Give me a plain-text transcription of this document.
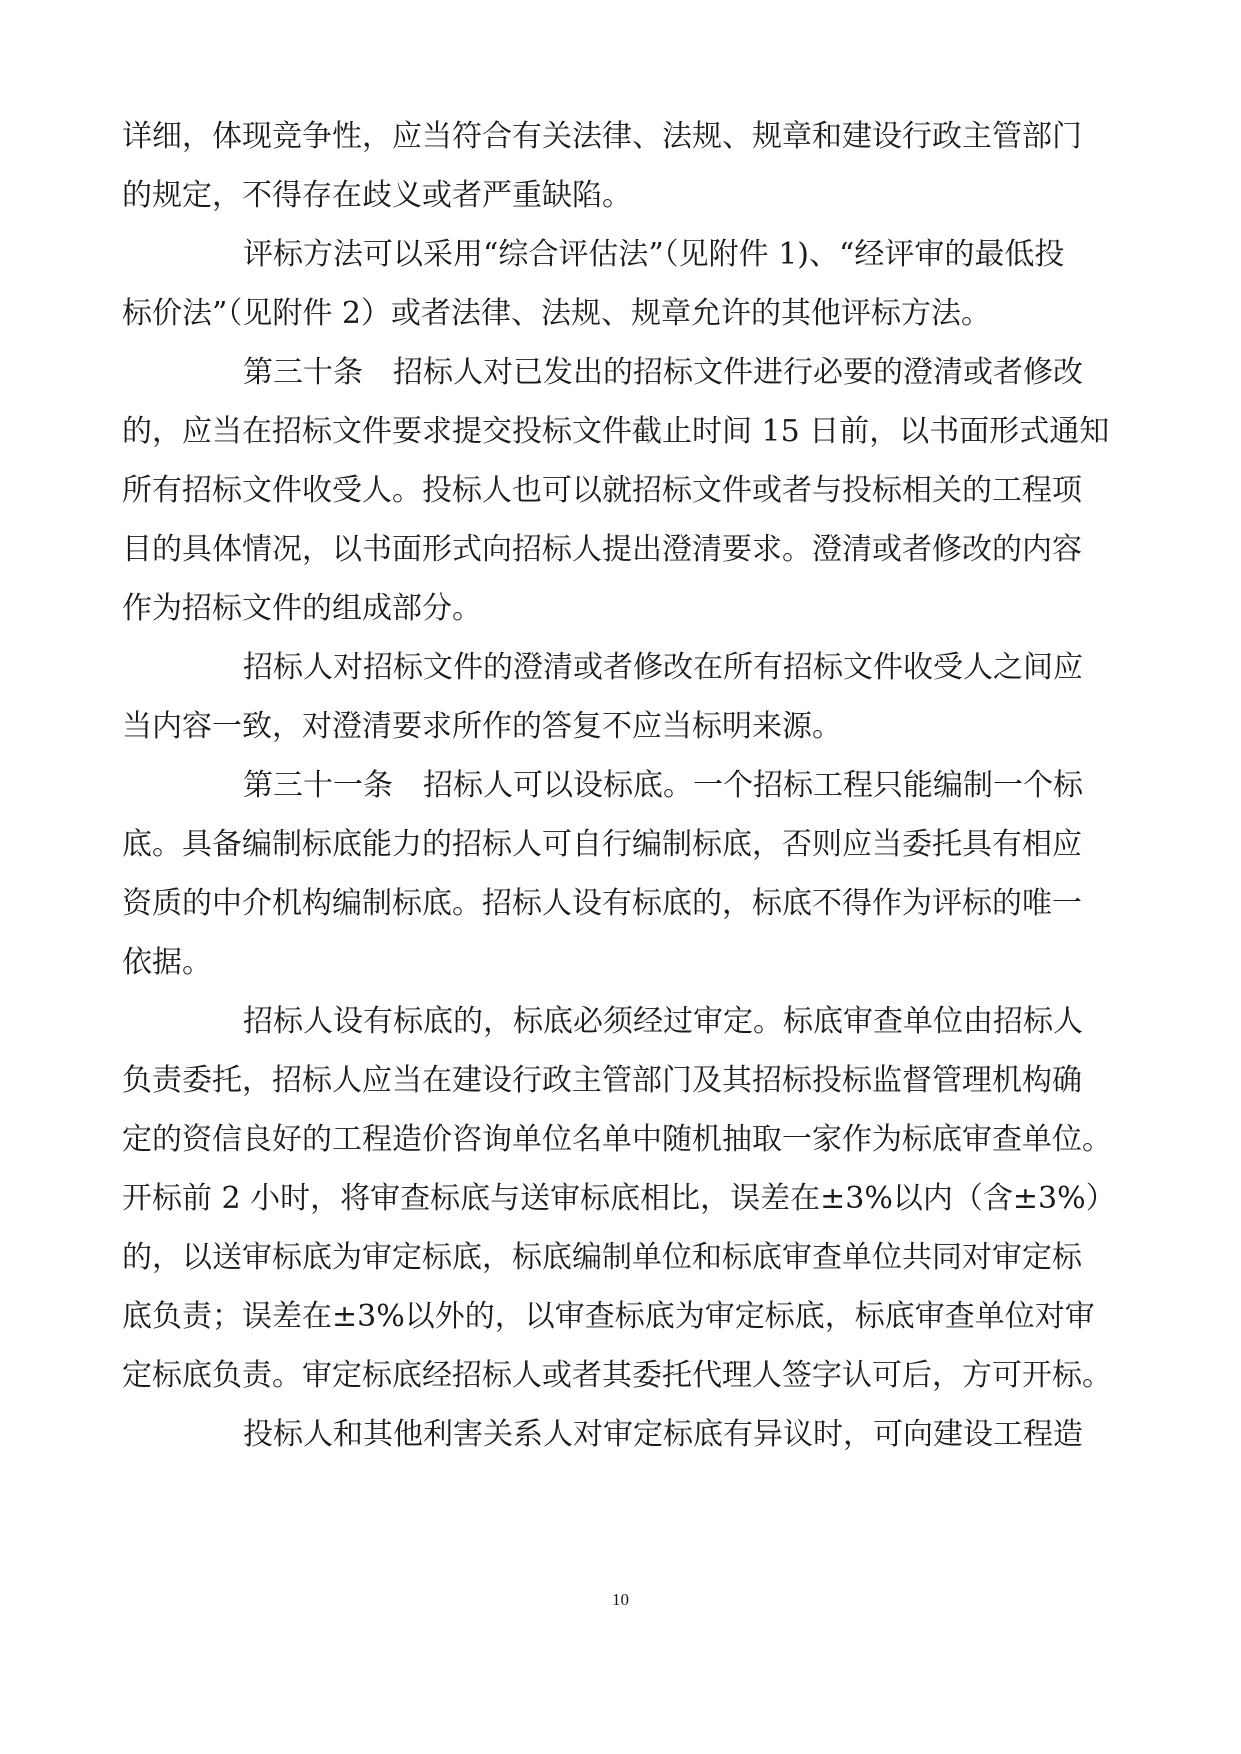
详细，体现竞争性，应当符合有关法律、法规、规章和建设行政主管部门
的规定，不得存在歧义或者严重缺陷。
评标方法可以采用“综合评估法”（见附件 1)、“经评审的最低投
标价法”（见附件 2）或者法律、法规、规章允许的其他评标方法。
第三十条　招标人对已发出的招标文件进行必要的澄清或者修改
的，应当在招标文件要求提交投标文件截止时间 15 日前，以书面形式通知
所有招标文件收受人。投标人也可以就招标文件或者与投标相关的工程项
目的具体情况，以书面形式向招标人提出澄清要求。澄清或者修改的内容
作为招标文件的组成部分。
招标人对招标文件的澄清或者修改在所有招标文件收受人之间应
当内容一致，对澄清要求所作的答复不应当标明来源。
第三十一条　招标人可以设标底。一个招标工程只能编制一个标
底。具备编制标底能力的招标人可自行编制标底，否则应当委托具有相应
资质的中介机构编制标底。招标人设有标底的，标底不得作为评标的唯一
依据。
招标人设有标底的，标底必须经过审定。标底审查单位由招标人
负责委托，招标人应当在建设行政主管部门及其招标投标监督管理机构确
定的资信良好的工程造价咨询单位名单中随机抽取一家作为标底审查单位。
开标前 2 小时，将审查标底与送审标底相比，误差在±3%以内（含±3%）
的，以送审标底为审定标底，标底编制单位和标底审查单位共同对审定标
底负责；误差在±3%以外的，以审查标底为审定标底，标底审查单位对审
定标底负责。审定标底经招标人或者其委托代理人签字认可后，方可开标。
投标人和其他利害关系人对审定标底有异议时，可向建设工程造
10
